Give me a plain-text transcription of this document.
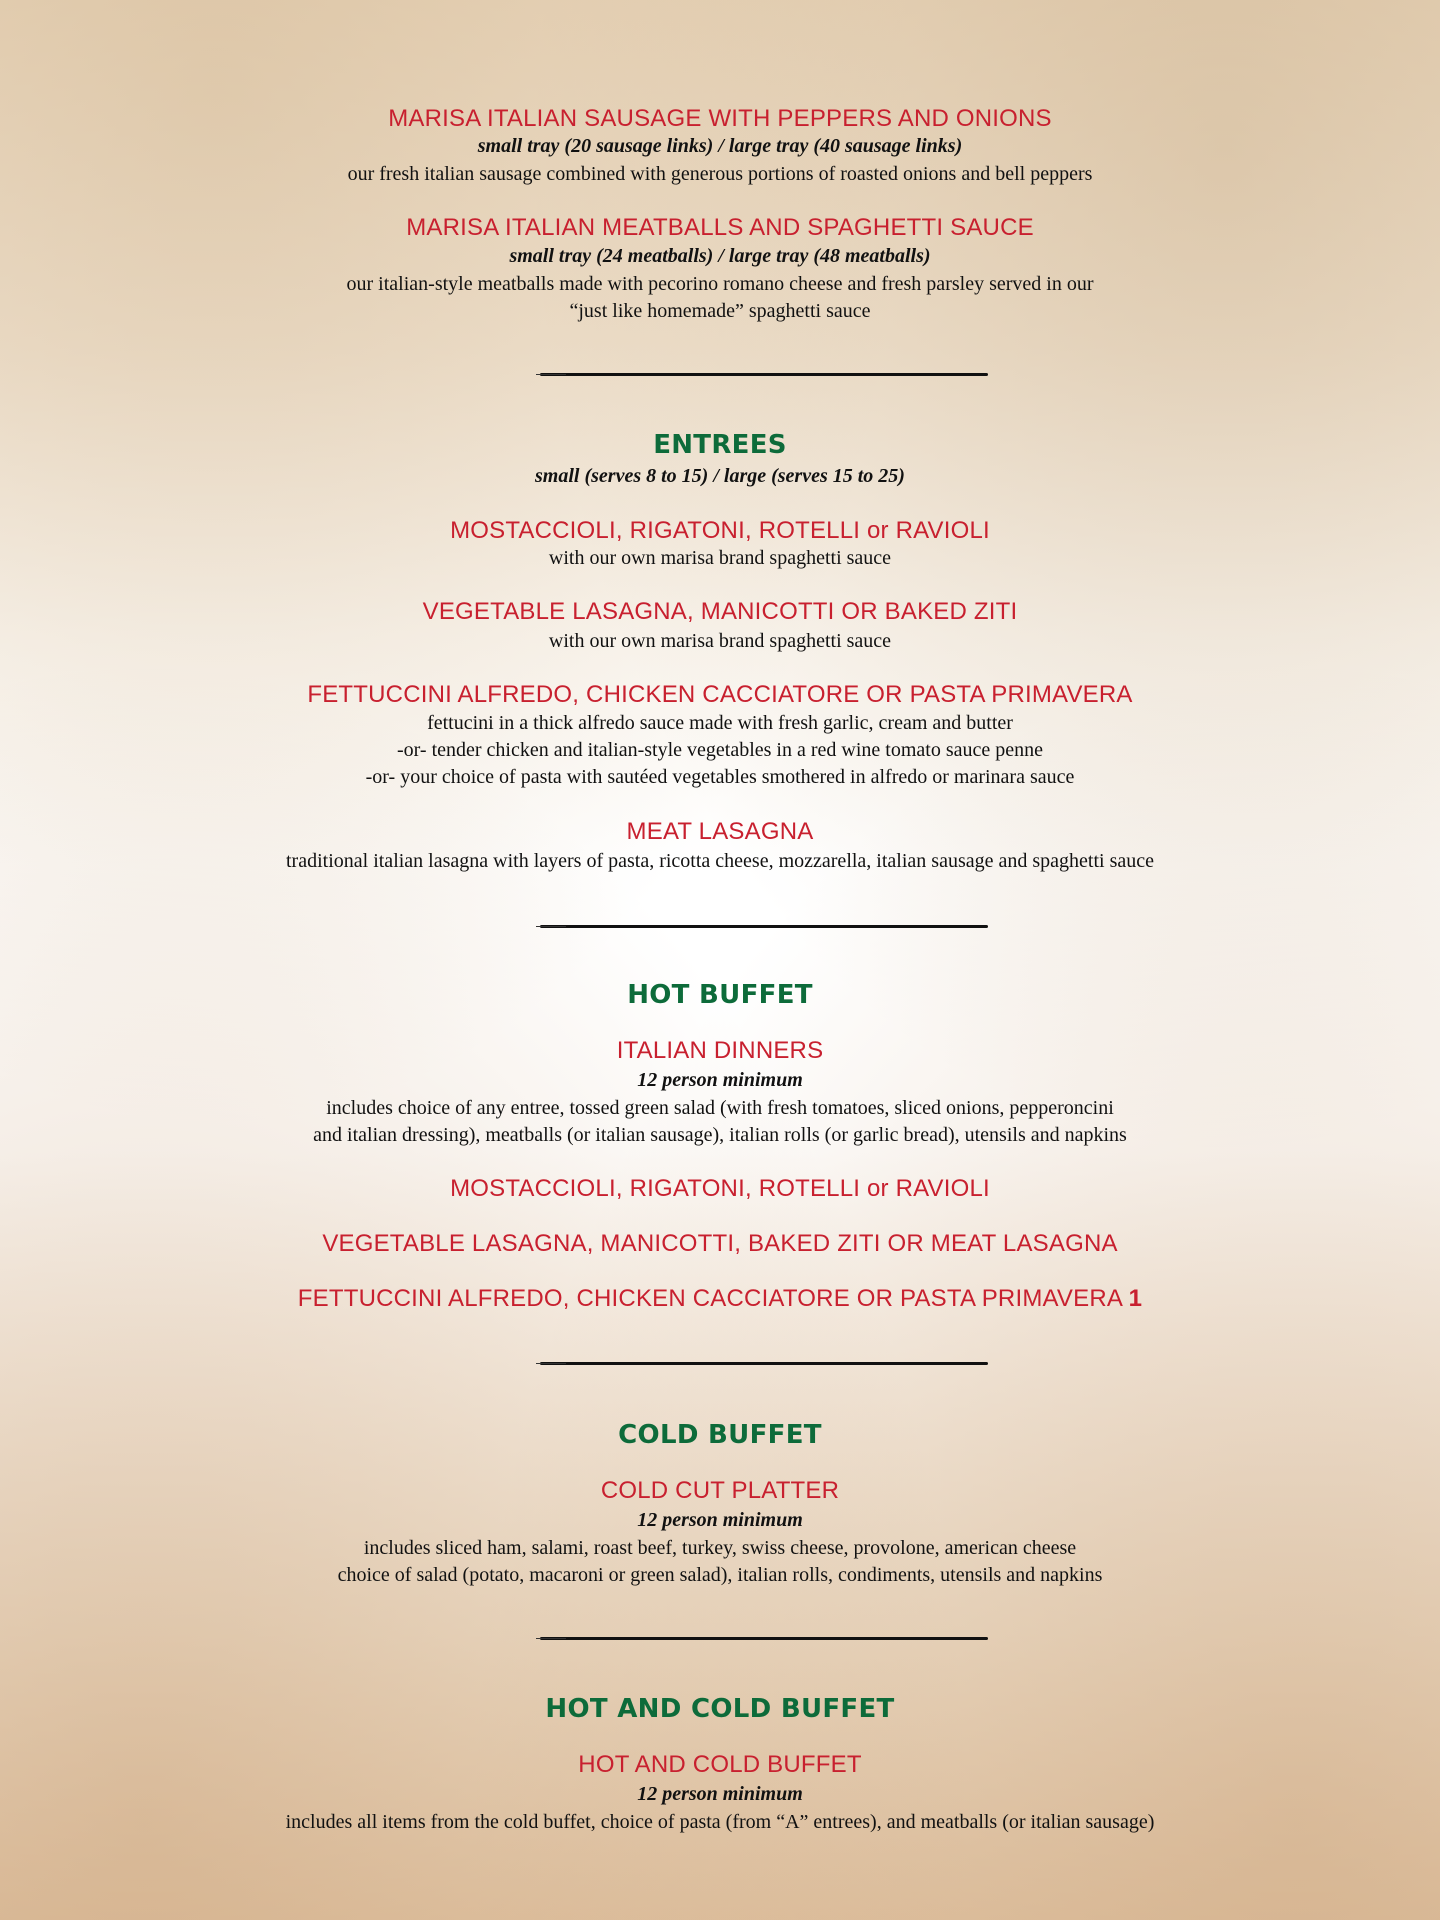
MARISA ITALIAN SAUSAGE WITH PEPPERS AND ONIONS
small tray (20 sausage links) / large tray (40 sausage links)
our fresh italian sausage combined with generous portions of roasted onions and bell peppers
MARISA ITALIAN MEATBALLS AND SPAGHETTI SAUCE
small tray (24 meatballs) / large tray (48 meatballs)
our italian-style meatballs made with pecorino romano cheese and fresh parsley served in our
“just like homemade” spaghetti sauce
ENTREES
small (serves 8 to 15) / large (serves 15 to 25)
MOSTACCIOLI, RIGATONI, ROTELLI or RAVIOLI
with our own marisa brand spaghetti sauce
VEGETABLE LASAGNA, MANICOTTI OR BAKED ZITI
with our own marisa brand spaghetti sauce
FETTUCCINI ALFREDO, CHICKEN CACCIATORE OR PASTA PRIMAVERA
fettucini in a thick alfredo sauce made with fresh garlic, cream and butter
-or- tender chicken and italian-style vegetables in a red wine tomato sauce penne
-or- your choice of pasta with sautéed vegetables smothered in alfredo or marinara sauce
MEAT LASAGNA
traditional italian lasagna with layers of pasta, ricotta cheese, mozzarella, italian sausage and spaghetti sauce
HOT BUFFET
ITALIAN DINNERS
12 person minimum
includes choice of any entree, tossed green salad (with fresh tomatoes, sliced onions, pepperoncini
and italian dressing), meatballs (or italian sausage), italian rolls (or garlic bread), utensils and napkins
MOSTACCIOLI, RIGATONI, ROTELLI or RAVIOLI
VEGETABLE LASAGNA, MANICOTTI, BAKED ZITI OR MEAT LASAGNA
FETTUCCINI ALFREDO, CHICKEN CACCIATORE OR PASTA PRIMAVERA 1
COLD BUFFET
COLD CUT PLATTER
12 person minimum
includes sliced ham, salami, roast beef, turkey, swiss cheese, provolone, american cheese
choice of salad (potato, macaroni or green salad), italian rolls, condiments, utensils and napkins
HOT AND COLD BUFFET
HOT AND COLD BUFFET
12 person minimum
includes all items from the cold buffet, choice of pasta (from “A” entrees), and meatballs (or italian sausage)
